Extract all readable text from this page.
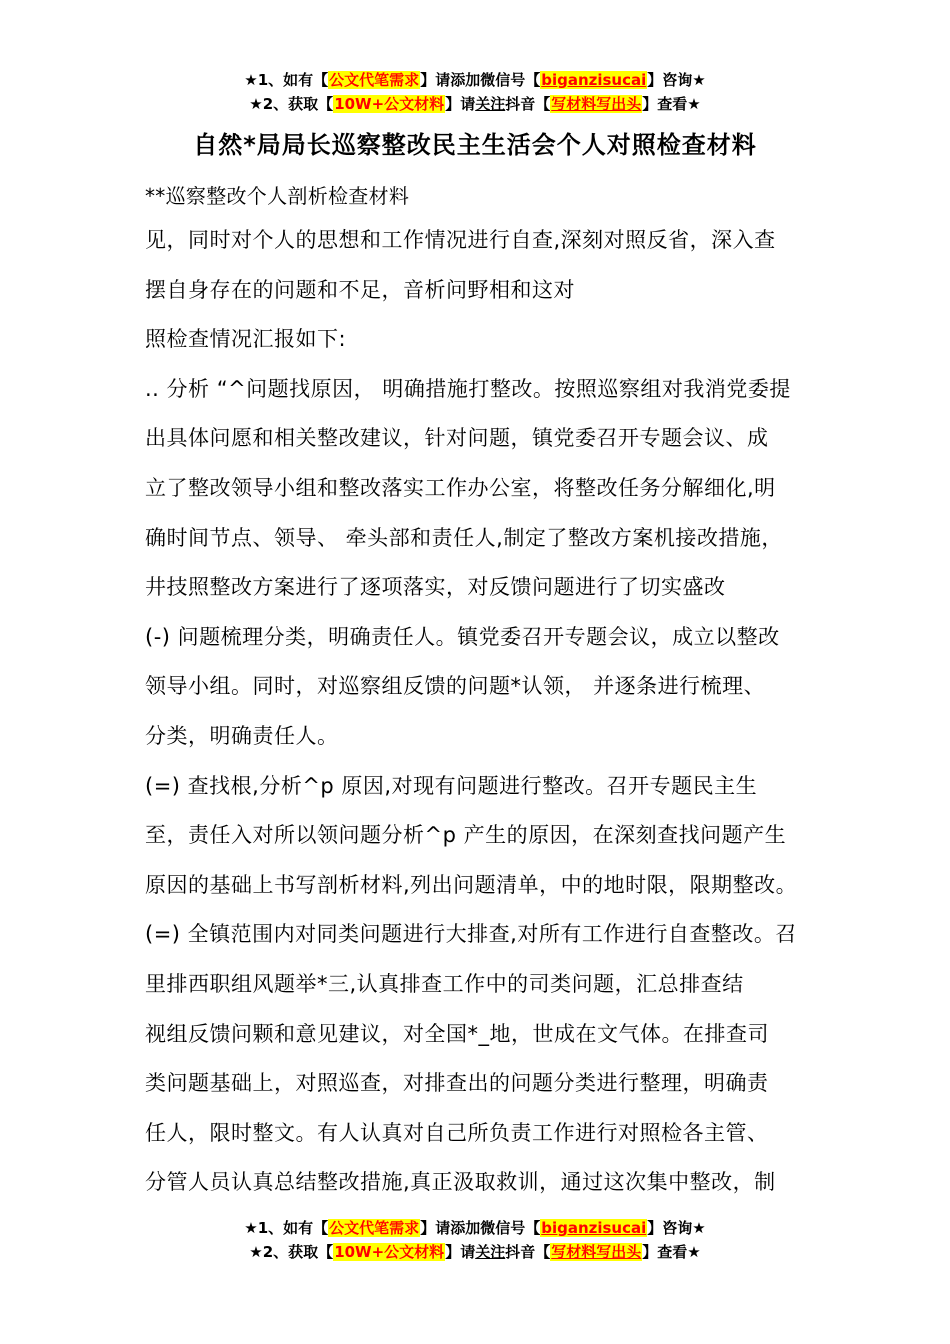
★1、如有【公文代笔需求】请添加微信号【biganzisucai】咨询★
★2、获取【10W+公文材料】请关注抖音【写材料写出头】查看★
自然*局局长巡察整改民主生活会个人对照检查材料
**巡察整改个人剖析检查材料
见，同时对个人的思想和工作情况进行自查,深刻对照反省，深入查
摆自身存在的问题和不足，音析问野相和这对
照检查情况汇报如下:
.. 分析 “^问题找原因， 明确措施打整改。按照巡察组对我消党委提
出具体问愿和相关整改建议，针对问题，镇党委召开专题会议、成
立了整改领导小组和整改落实工作办公室，将整改任务分解细化,明
确时间节点、领导、 牵头部和责任人,制定了整改方案机接改措施，
井技照整改方案进行了逐项落实，对反馈问题进行了切实盛改
(-) 问题梳理分类，明确责任人。镇党委召开专题会议，成立以整改
领导小组。同时，对巡察组反馈的问题*认领， 并逐条进行梳理、
分类，明确责任人。
(=) 查找根,分析^p 原因,对现有问题进行整改。召开专题民主生
至，责任入对所以领问题分析^p 产生的原因，在深刻查找问题产生
原因的基础上书写剖析材料,列出问题清单，中的地时限，限期整改。
(=) 全镇范围内对同类问题进行大排查,对所有工作进行自查整改。召
里排西职组风题举*三,认真排查工作中的司类问题，汇总排查结
视组反馈问颗和意见建议，对全国*_地，世成在文气体。在排查司
类问题基础上，对照巡查，对排查出的问题分类进行整理，明确责
任人，限时整文。有人认真对自己所负责工作进行对照检各主管、
分管人员认真总结整改措施,真正汲取救训，通过这次集中整改，制
★1、如有【公文代笔需求】请添加微信号【biganzisucai】咨询★
★2、获取【10W+公文材料】请关注抖音【写材料写出头】查看★
